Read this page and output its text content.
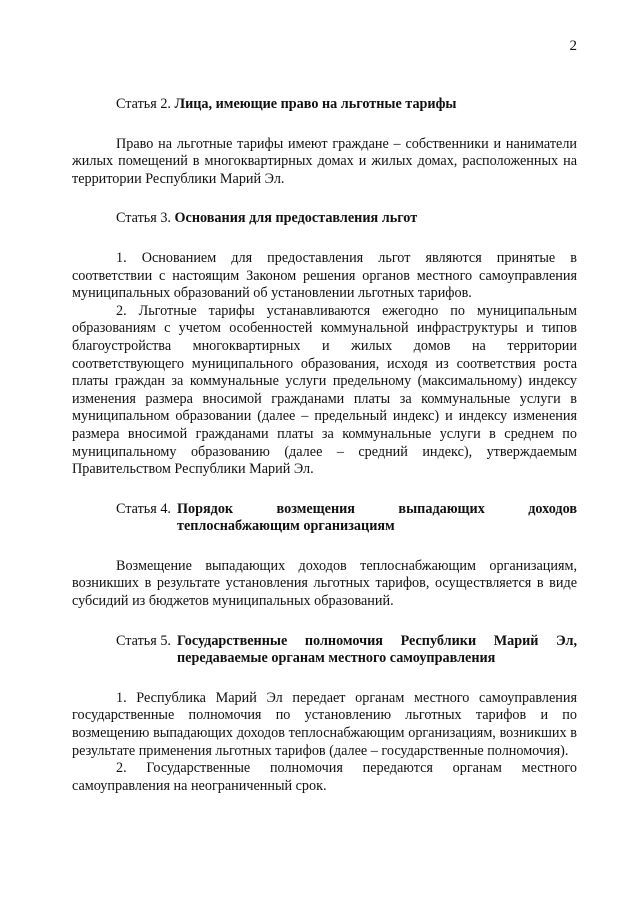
2
Статья 2. Лица, имеющие право на льготные тарифы

Право на льготные тарифы имеют граждане – собственники и наниматели жилых помещений в многоквартирных домах и жилых домах, расположенных на территории Республики Марий Эл.

Статья 3. Основания для предоставления льгот

1. Основанием для предоставления льгот являются принятые в соответствии с настоящим Законом решения органов местного самоуправления муниципальных образований об установлении льготных тарифов.

2. Льготные тарифы устанавливаются ежегодно по муниципальным образованиям с учетом особенностей коммунальной инфраструктуры и типов благоустройства многоквартирных и жилых домов на территории соответствующего муниципального образования, исходя из соответствия роста платы граждан за коммунальные услуги предельному (максимальному) индексу изменения размера вносимой гражданами платы за коммунальные услуги в муниципальном образовании (далее – предельный индекс) и индексу изменения размера вносимой гражданами платы за коммунальные услуги в среднем по муниципальному образованию (далее – средний индекс), утверждаемым Правительством Республики Марий Эл.

Статья 4. Порядок возмещения выпадающих доходов теплоснабжающим организациям

Возмещение выпадающих доходов теплоснабжающим организациям, возникших в результате установления льготных тарифов, осуществляется в виде субсидий из бюджетов муниципальных образований.

Статья 5. Государственные полномочия Республики Марий Эл, передаваемые органам местного самоуправления

1. Республика Марий Эл передает органам местного самоуправления государственные полномочия по установлению льготных тарифов и по возмещению выпадающих доходов теплоснабжающим организациям, возникших в результате применения льготных тарифов (далее – государственные полномочия).

2. Государственные полномочия передаются органам местного самоуправления на неограниченный срок.
